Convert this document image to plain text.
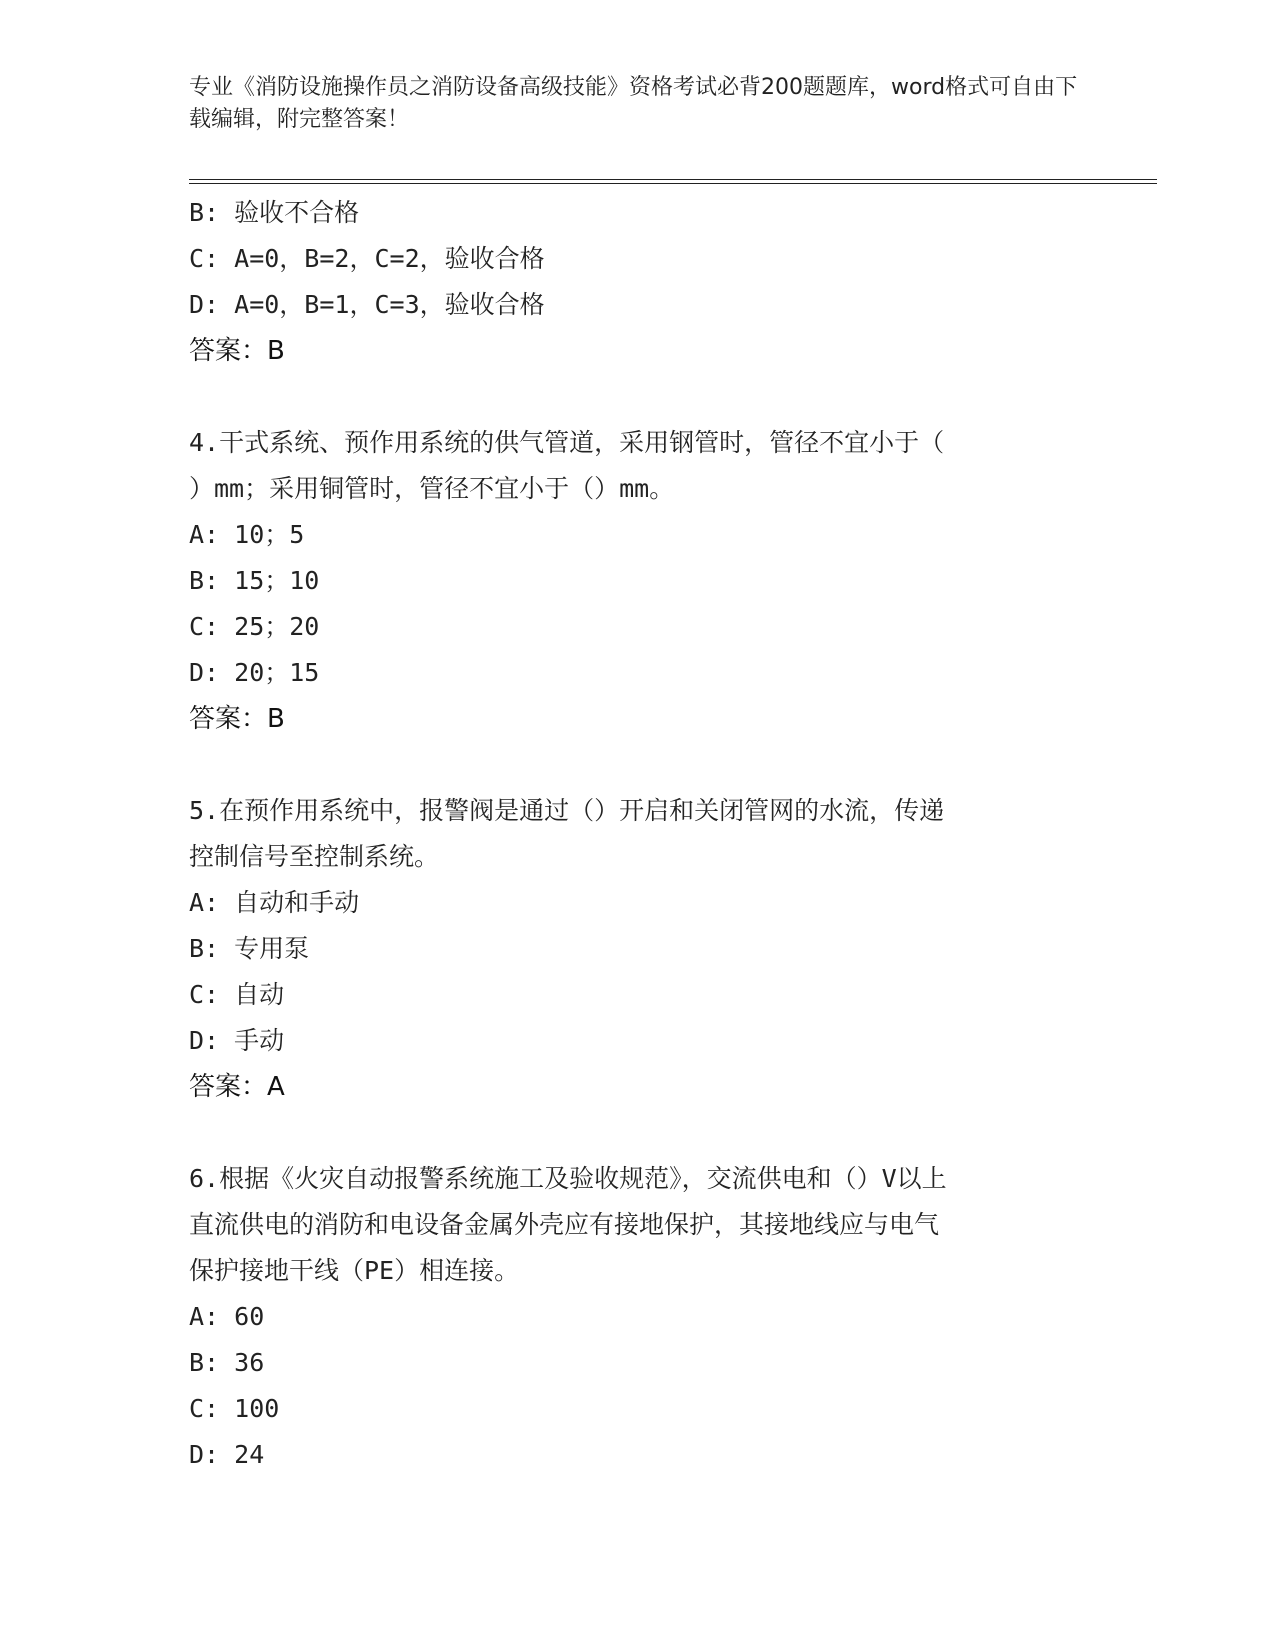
专业《消防设施操作员之消防设备高级技能》资格考试必背200题题库，word格式可自由下载编辑，附完整答案！
B: 验收不合格
C: A=0，B=2，C=2，验收合格
D: A=0，B=1，C=3，验收合格
答案：B
4.干式系统、预作用系统的供气管道，采用钢管时，管径不宜小于（
）mm；采用铜管时，管径不宜小于（）mm。
A: 10；5
B: 15；10
C: 25；20
D: 20；15
答案：B
5.在预作用系统中，报警阀是通过（）开启和关闭管网的水流，传递
控制信号至控制系统。
A: 自动和手动
B: 专用泵
C: 自动
D: 手动
答案：A
6.根据《火灾自动报警系统施工及验收规范》，交流供电和（）V以上
直流供电的消防和电设备金属外壳应有接地保护，其接地线应与电气
保护接地干线（PE）相连接。
A: 60
B: 36
C: 100
D: 24
